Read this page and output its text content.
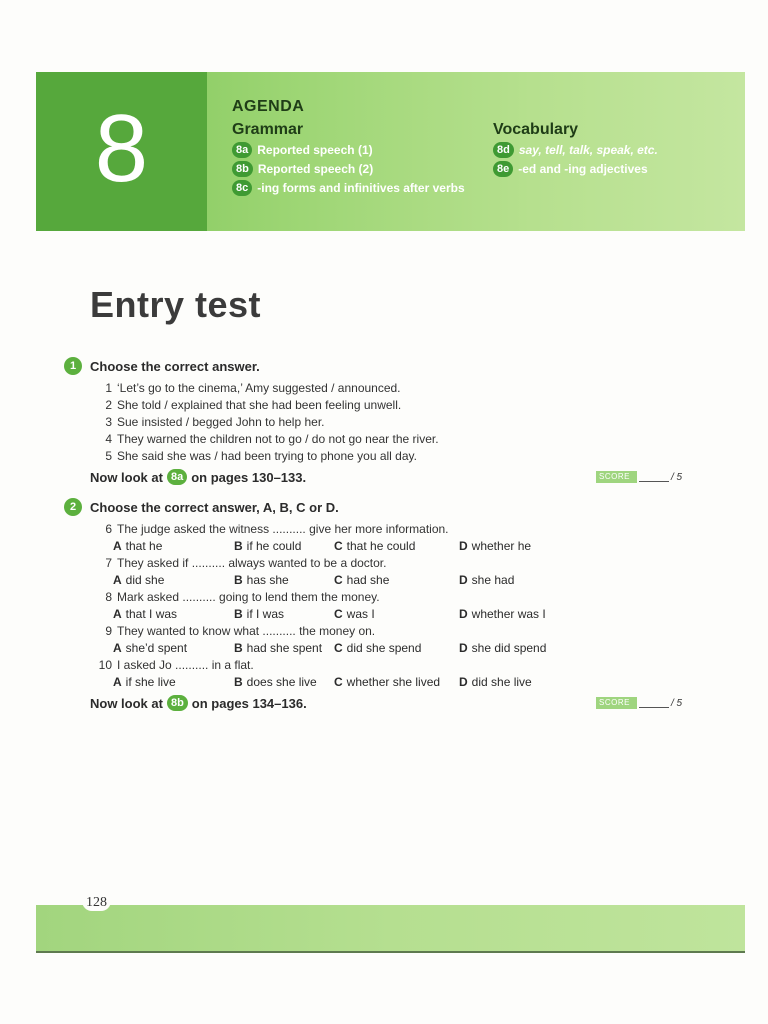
8	AGENDA
Grammar
8a Reported speech (1)
8b Reported speech (2)
8c -ing forms and infinitives after verbs
Vocabulary
8d say, tell, talk, speak, etc.
8e -ed and -ing adjectives
Entry test
1	Choose the correct answer.
1 ‘Let’s go to the cinema,’ Amy suggested / announced.
2 She told / explained that she had been feeling unwell.
3 Sue insisted / begged John to help her.
4 They warned the children not to go / do not go near the river.
5 She said she was / had been trying to phone you all day.
Now look at 8a on pages 130–133.	SCORE	/ 5
2	Choose the correct answer, A, B, C or D.
6 The judge asked the witness .......... give her more information.
A that he	B if he could	C that he could	D whether he
7 They asked if .......... always wanted to be a doctor.
A did she	B has she	C had she	D she had
8 Mark asked .......... going to lend them the money.
A that I was	B if I was	C was I	D whether was I
9 They wanted to know what .......... the money on.
A she’d spent	B had she spent C did she spend	D she did spend
10 I asked Jo .......... in a flat.
A if she live	B does she live C whether she lived D did she live
Now look at 8b on pages 134–136.	SCORE	/ 5
128
